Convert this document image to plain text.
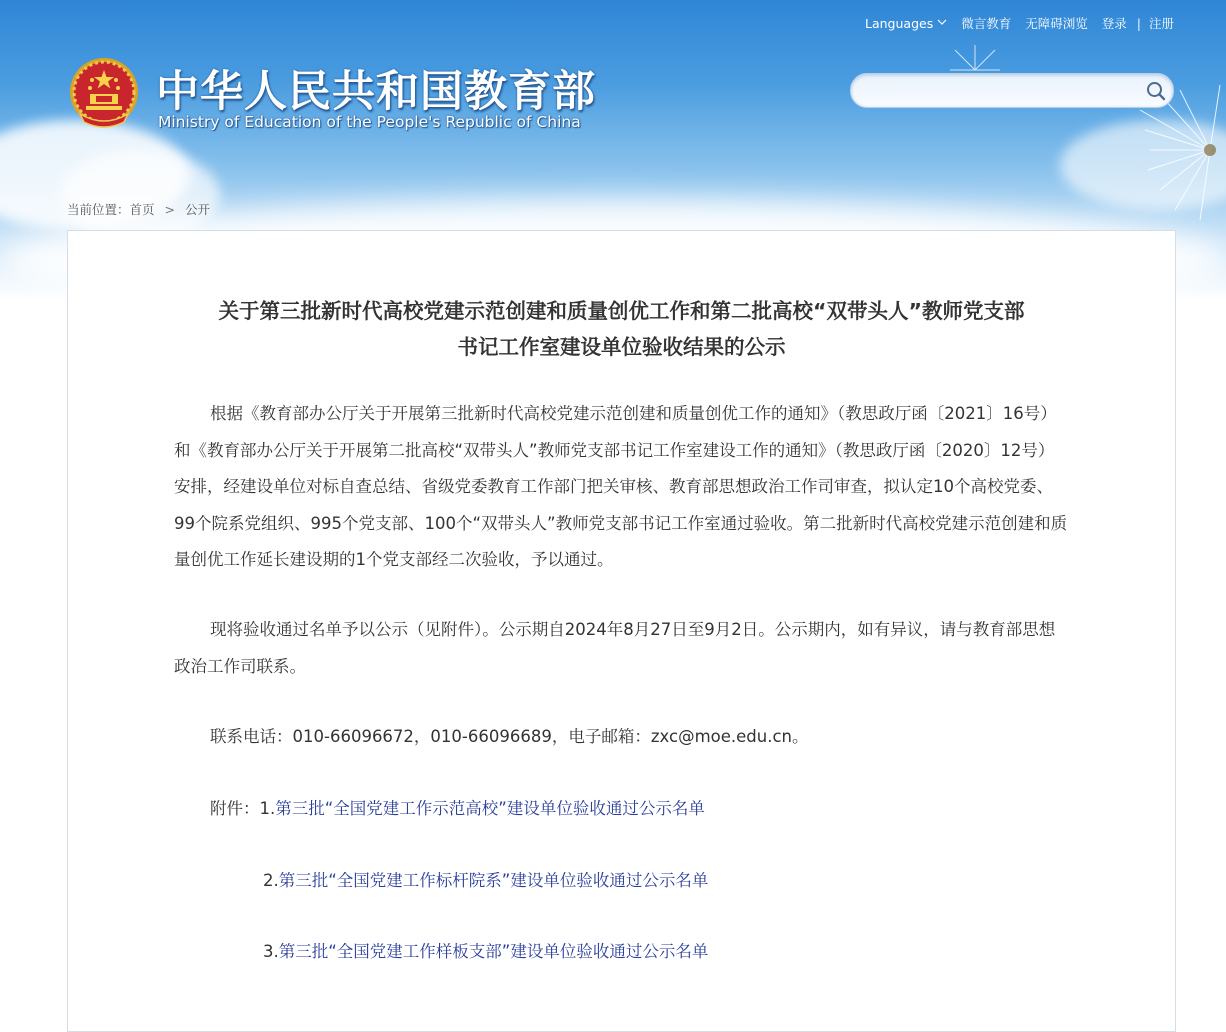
中华人民共和国教育部
Ministry of Education of the People's Republic of China
Languages 微言教育 无障碍浏览 登录 | 注册
当前位置：首页 > 公开
关于第三批新时代高校党建示范创建和质量创优工作和第二批高校“双带头人”教师党支部
书记工作室建设单位验收结果的公示

根据《教育部办公厅关于开展第三批新时代高校党建示范创建和质量创优工作的通知》（教思政厅函〔2021〕16号）和《教育部办公厅关于开展第二批高校“双带头人”教师党支部书记工作室建设工作的通知》（教思政厅函〔2020〕12号）安排，经建设单位对标自查总结、省级党委教育工作部门把关审核、教育部思想政治工作司审查，拟认定10个高校党委、99个院系党组织、995个党支部、100个“双带头人”教师党支部书记工作室通过验收。第二批新时代高校党建示范创建和质量创优工作延长建设期的1个党支部经二次验收，予以通过。

现将验收通过名单予以公示（见附件）。公示期自2024年8月27日至9月2日。公示期内，如有异议，请与教育部思想政治工作司联系。

联系电话：010-66096672，010-66096689，电子邮箱：zxc@moe.edu.cn。

附件：1.第三批“全国党建工作示范高校”建设单位验收通过公示名单
2.第三批“全国党建工作标杆院系”建设单位验收通过公示名单
3.第三批“全国党建工作样板支部”建设单位验收通过公示名单
